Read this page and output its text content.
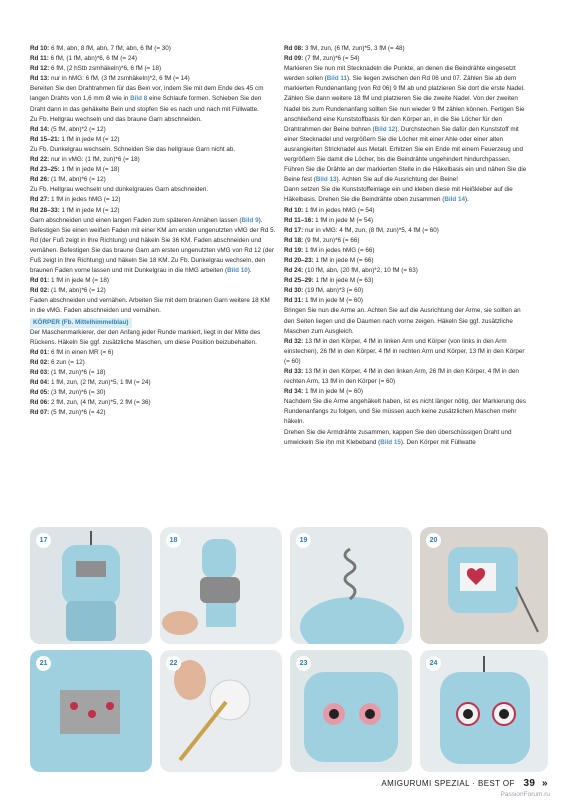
Rd 10: 6 fM, abn, 8 fM, abn, 7 fM, abn, 6 fM (= 30)

Rd 11: 6 fM, (1 fM, abn)*6, 6 fM (= 24)

Rd 12: 6 fM, (2 hStb zsmhäkeln)*6, 6 fM (= 18)

Rd 13: nur in hMG: 6 fM, (3 fM zsmhäkeln)*2, 6 fM (= 14)

Bereiten Sie den Drahtrahmen für das Bein vor, indem Sie mit dem Ende des 45 cm langen Drahts von 1,6 mm Ø wie in Bild 8 eine Schlaufe formen. Schieben Sie den Draht dann in das gehäkelte Bein und stopfen Sie es nach und nach mit Füllwatte.

Zu Fb. Hellgrau wechseln und das braune Garn abschneiden.

Rd 14: (5 fM, abn)*2 (= 12)

Rd 15–21: 1 fM in jede M (= 12)

Zu Fb. Dunkelgrau wechseln. Schneiden Sie das hellgraue Garn nicht ab.

Rd 22: nur in vMG: (1 fM, zun)*6 (= 18)

Rd 23–25: 1 fM in jede M (= 18)

Rd 26: (1 fM, abn)*6 (= 12)

Zu Fb. Hellgrau wechseln und dunkelgraues Garn abschneiden.

Rd 27: 1 fM in jedes hMG (= 12)

Rd 28–33: 1 fM in jede M (= 12)

Garn abschneiden und einen langen Faden zum späteren Annähen lassen (Bild 9). Befestigen Sie einen weißen Faden mit einer KM am ersten ungenutzten vMG der Rd 5. Rd (der Fuß zeigt in Ihre Richtung) und häkeln Sie 36 KM. Faden abschneiden und vernähen. Befestigen Sie das braune Garn am ersten ungenutzten vMG von Rd 12 (der Fuß zeigt in Ihre Richtung) und häkeln Sie 18 KM. Zu Fb. Dunkelgrau wechseln, den braunen Faden vorne lassen und mit Dunkelgrau in die hMG arbeiten (Bild 10).

Rd 01: 1 fM in jede M (= 18)

Rd 02: (1 fM, abn)*6 (= 12)

Faden abschneiden und vernähen. Arbeiten Sie mit dem braunen Garn weitere 18 KM in die vMG. Faden abschneiden und vernähen.

KÖRPER (Fb. Mittelhimmelblau)

Der Maschenmarkierer, der den Anfang jeder Runde markiert, liegt in der Mitte des Rückens. Häkeln Sie ggf. zusätzliche Maschen, um diese Position beizubehalten.

Rd 01: 6 fM in einen MR (= 6)

Rd 02: 6 zun (= 12)

Rd 03: (1 fM, zun)*6 (= 18)

Rd 04: 1 fM, zun, (2 fM, zun)*5, 1 fM (= 24)

Rd 05: (3 fM, zun)*6 (= 30)

Rd 06: 2 fM, zun, (4 fM, zun)*5, 2 fM (= 36)

Rd 07: (5 fM, zun)*6 (= 42)

Rd 08: 3 fM, zun, (6 fM, zun)*5, 3 fM (= 48)

Rd 09: (7 fM, zun)*6 (= 54)

Markieren Sie nun mit Stecknadeln die Punkte, an denen die Beindrähte eingesetzt werden sollen (Bild 11). Sie liegen zwischen den Rd 06 und 07. Zählen Sie ab dem markierten Rundenanfang (von Rd 06) 9 fM ab und platzieren Sie dort die erste Nadel. Zählen Sie dann weitere 18 fM und platzieren Sie die zweite Nadel. Von der zweiten Nadel bis zum Rundenanfang sollten Sie nun wieder 9 fM zählen können. Fertigen Sie anschließend eine Kunststoffbasis für den Körper an, in die Sie Löcher für den Drahtrahmen der Beine bohren (Bild 12). Durchstechen Sie dafür den Kunststoff mit einer Stecknadel und vergrößern Sie die Löcher mit einer Ahle oder einer alten ausrangierten Stricknadel aus Metall. Erhitzen Sie ein Ende mit einem Feuerzeug und vergrößern Sie damit die Löcher, bis die Beindrähte ungehindert hindurchpassen. Führen Sie die Drähte an der markierten Stelle in die Häkelbasis ein und nähen Sie die Beine fest (Bild 13). Achten Sie auf die Ausrichtung der Beine!

Dann setzen Sie die Kunststoffeinlage ein und kleben diese mit Heißkleber auf die Häkelbasis. Drehen Sie die Beindrähte oben zusammen (Bild 14).

Rd 10: 1 fM in jedes hMG (= 54)

Rd 11–16: 1 fM in jede M (= 54)

Rd 17: nur in vMG: 4 fM, zun, (8 fM, zun)*5, 4 fM (= 60)

Rd 18: (9 fM, zun)*6 (= 66)

Rd 19: 1 fM in jedes hMG (= 66)

Rd 20–23: 1 fM in jede M (= 66)

Rd 24: (10 fM, abn, (20 fM, abn)*2, 10 fM (= 63)

Rd 25–29: 1 fM in jede M (= 63)

Rd 30: (19 fM, abn)*3 (= 60)

Rd 31: 1 fM in jede M (= 60)

Bringen Sie nun die Arme an. Achten Sie auf die Ausrichtung der Arme, sie sollten an den Seiten liegen und die Daumen nach vorne zeigen. Häkeln Sie ggf. zusätzliche Maschen zum Ausgleich.

Rd 32: 13 fM in den Körper, 4 fM in linken Arm und Körper (von links in den Arm einstechen), 26 fM in den Körper, 4 fM in rechten Arm und Körper, 13 fM in den Körper (= 60)

Rd 33: 13 fM in den Körper, 4 fM in den linken Arm, 26 fM in den Körper, 4 fM in den rechten Arm, 13 fM in den Körper (= 60)

Rd 34: 1 fM in jede M (= 60)

Nachdem Sie die Arme angehäkelt haben, ist es nicht länger nötig, der Markierung des Rundenanfangs zu folgen, und Sie müssen auch keine zusätzlichen Maschen mehr häkeln.

Drehen Sie die Armdrähte zusammen, kappen Sie den überschüssigen Draht und umwickeln Sie ihn mit Klebeband (Bild 15). Den Körper mit Füllwatte

17	18	19	20
21	22	23	24
AMIGURUMI SPEZIAL · BEST OF 39 »
PassionForum.ru
